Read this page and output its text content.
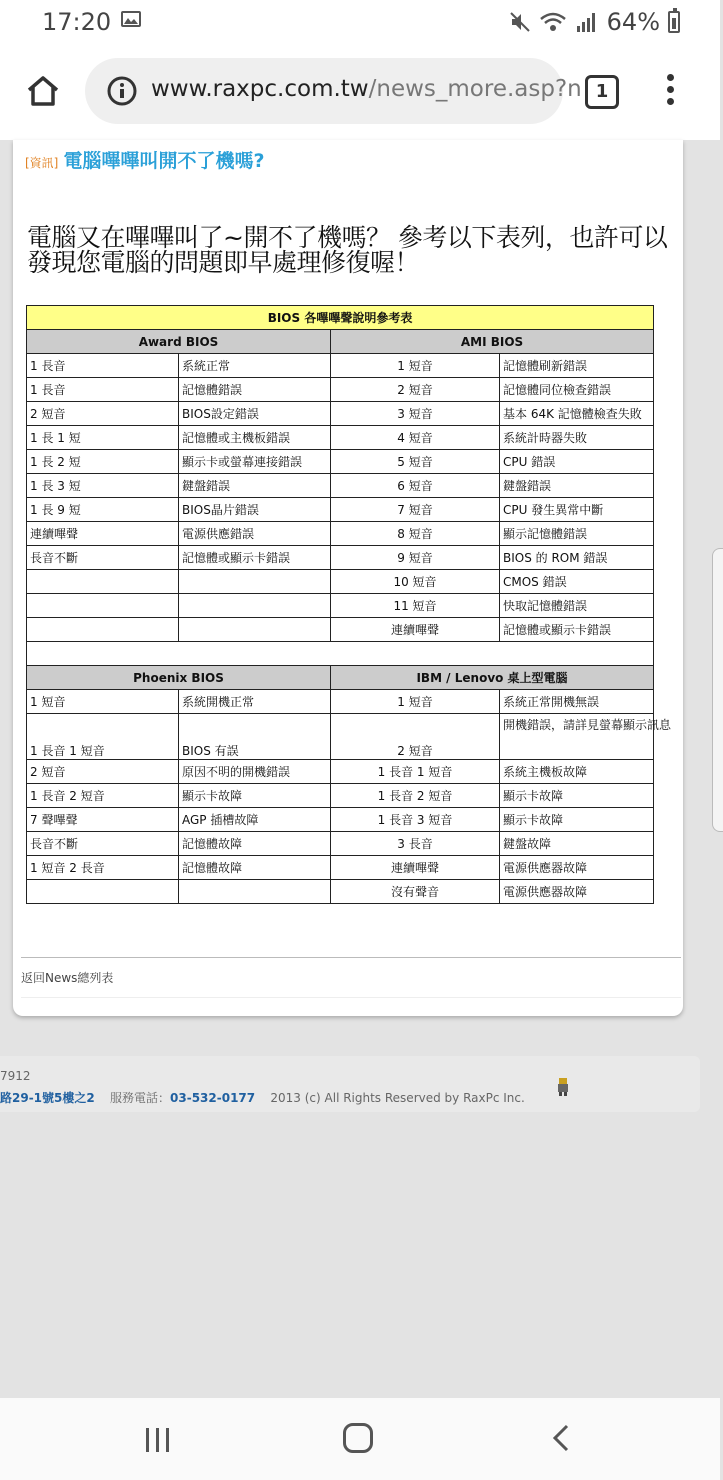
17:20	64%
www.raxpc.com.tw/news_more.asp?n 1
[資訊] 電腦嗶嗶叫開不了機嗎?
電腦又在嗶嗶叫了~開不了機嗎？ 參考以下表列，也許可以發現您電腦的問題即早處理修復喔！
BIOS 各嗶嗶聲說明參考表			
Award BIOS		AMI BIOS	
1 長音	系統正常	1 短音	記憶體刷新錯誤
1 長音	記憶體錯誤	2 短音	記憶體同位檢查錯誤
2 短音	BIOS設定錯誤	3 短音	基本 64K 記憶體檢查失敗
1 長 1 短	記憶體或主機板錯誤	4 短音	系統計時器失敗
1 長 2 短	顯示卡或螢幕連接錯誤	5 短音	CPU 錯誤
1 長 3 短	鍵盤錯誤	6 短音	鍵盤錯誤
1 長 9 短	BIOS晶片錯誤	7 短音	CPU 發生異常中斷
連續嗶聲	電源供應錯誤	8 短音	顯示記憶體錯誤
長音不斷	記憶體或顯示卡錯誤	9 短音	BIOS 的 ROM 錯誤
		10 短音	CMOS 錯誤
		11 短音	快取記憶體錯誤
		連續嗶聲	記憶體或顯示卡錯誤

Phoenix BIOS		IBM / Lenovo 桌上型電腦	
1 短音	系統開機正常	1 短音	系統正常開機無誤
1 長音 1 短音	BIOS 有誤	2 短音	開機錯誤，請詳見螢幕顯示訊息
2 短音	原因不明的開機錯誤	1 長音 1 短音	系統主機板故障
1 長音 2 短音	顯示卡故障	1 長音 2 短音	顯示卡故障
7 聲嗶聲	AGP 插槽故障	1 長音 3 短音	顯示卡故障
長音不斷	記憶體故障	3 長音	鍵盤故障
1 短音 2 長音	記憶體故障	連續嗶聲	電源供應器故障
		沒有聲音	電源供應器故障
返回News總列表
7912
路29-1號5樓之2 服務電話：03-532-0177 2013 (c) All Rights Reserved by RaxPc Inc.
